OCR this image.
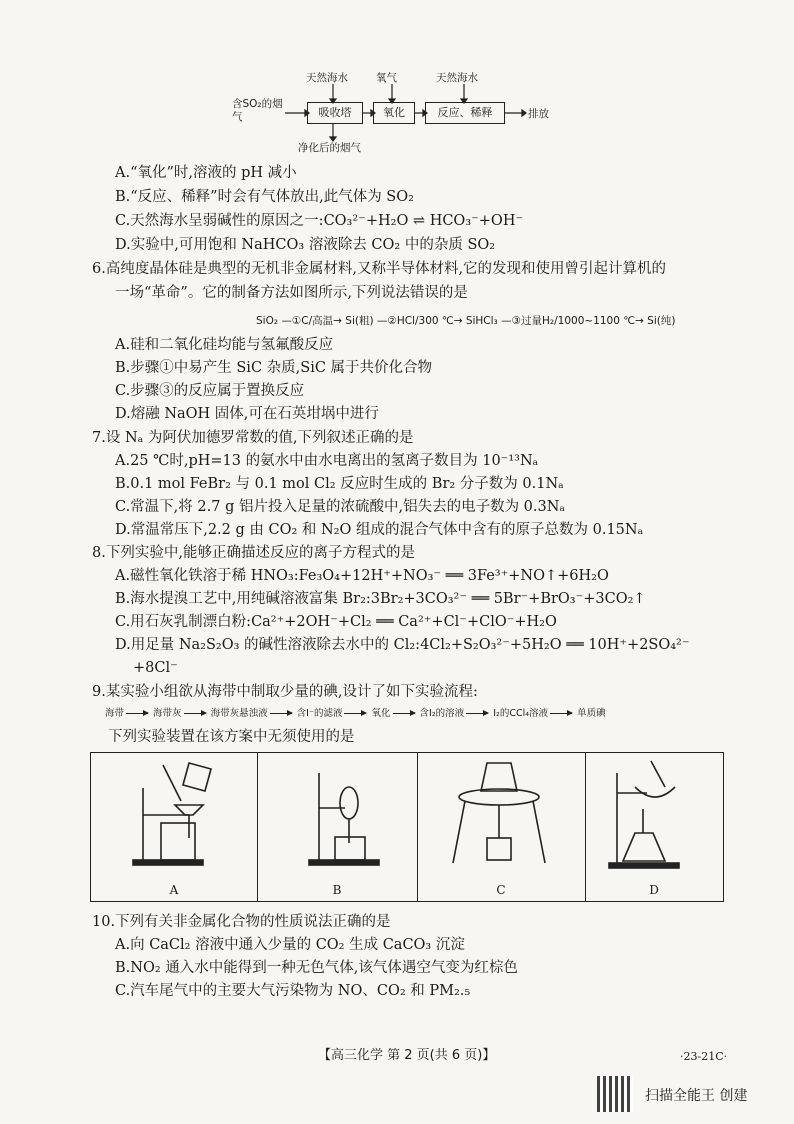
天然海水	氧气	天然海水
含SO₂的烟气	吸收塔	氧化	反应、稀释	排放
净化后的烟气
A.“氧化”时,溶液的 pH 减小
B.“反应、稀释”时会有气体放出,此气体为 SO₂
C.天然海水呈弱碱性的原因之一:CO₃²⁻+H₂O ⇌ HCO₃⁻+OH⁻
D.实验中,可用饱和 NaHCO₃ 溶液除去 CO₂ 中的杂质 SO₂
6.高纯度晶体硅是典型的无机非金属材料,又称半导体材料,它的发现和使用曾引起计算机的
一场“革命”。它的制备方法如图所示,下列说法错误的是
SiO₂ —①C/高温→ Si(粗) —②HCl/300 ℃→ SiHCl₃ —③过量H₂/1000~1100 ℃→ Si(纯)
A.硅和二氧化硅均能与氢氟酸反应
B.步骤①中易产生 SiC 杂质,SiC 属于共价化合物
C.步骤③的反应属于置换反应
D.熔融 NaOH 固体,可在石英坩埚中进行
7.设 Nₐ 为阿伏加德罗常数的值,下列叙述正确的是
A.25 ℃时,pH=13 的氨水中由水电离出的氢离子数目为 10⁻¹³Nₐ
B.0.1 mol FeBr₂ 与 0.1 mol Cl₂ 反应时生成的 Br₂ 分子数为 0.1Nₐ
C.常温下,将 2.7 g 铝片投入足量的浓硫酸中,铝失去的电子数为 0.3Nₐ
D.常温常压下,2.2 g 由 CO₂ 和 N₂O 组成的混合气体中含有的原子总数为 0.15Nₐ
8.下列实验中,能够正确描述反应的离子方程式的是
A.磁性氧化铁溶于稀 HNO₃:Fe₃O₄+12H⁺+NO₃⁻ ══ 3Fe³⁺+NO↑+6H₂O
B.海水提溴工艺中,用纯碱溶液富集 Br₂:3Br₂+3CO₃²⁻ ══ 5Br⁻+BrO₃⁻+3CO₂↑
C.用石灰乳制漂白粉:Ca²⁺+2OH⁻+Cl₂ ══ Ca²⁺+Cl⁻+ClO⁻+H₂O
D.用足量 Na₂S₂O₃ 的碱性溶液除去水中的 Cl₂:4Cl₂+S₂O₃²⁻+5H₂O ══ 10H⁺+2SO₄²⁻
+8Cl⁻
9.某实验小组欲从海带中制取少量的碘,设计了如下实验流程:
海带	海带灰	海带灰悬浊液	含I⁻的滤液	氧化	含I₂的溶液	I₂的CCl₄溶液	单质碘
下列实验装置在该方案中无须使用的是
A	B	C	D
10.下列有关非金属化合物的性质说法正确的是
A.向 CaCl₂ 溶液中通入少量的 CO₂ 生成 CaCO₃ 沉淀
B.NO₂ 通入水中能得到一种无色气体,该气体遇空气变为红棕色
C.汽车尾气中的主要大气污染物为 NO、CO₂ 和 PM₂.₅
【高三化学 第 2 页(共 6 页)】	·23-21C·
扫描全能王 创建
